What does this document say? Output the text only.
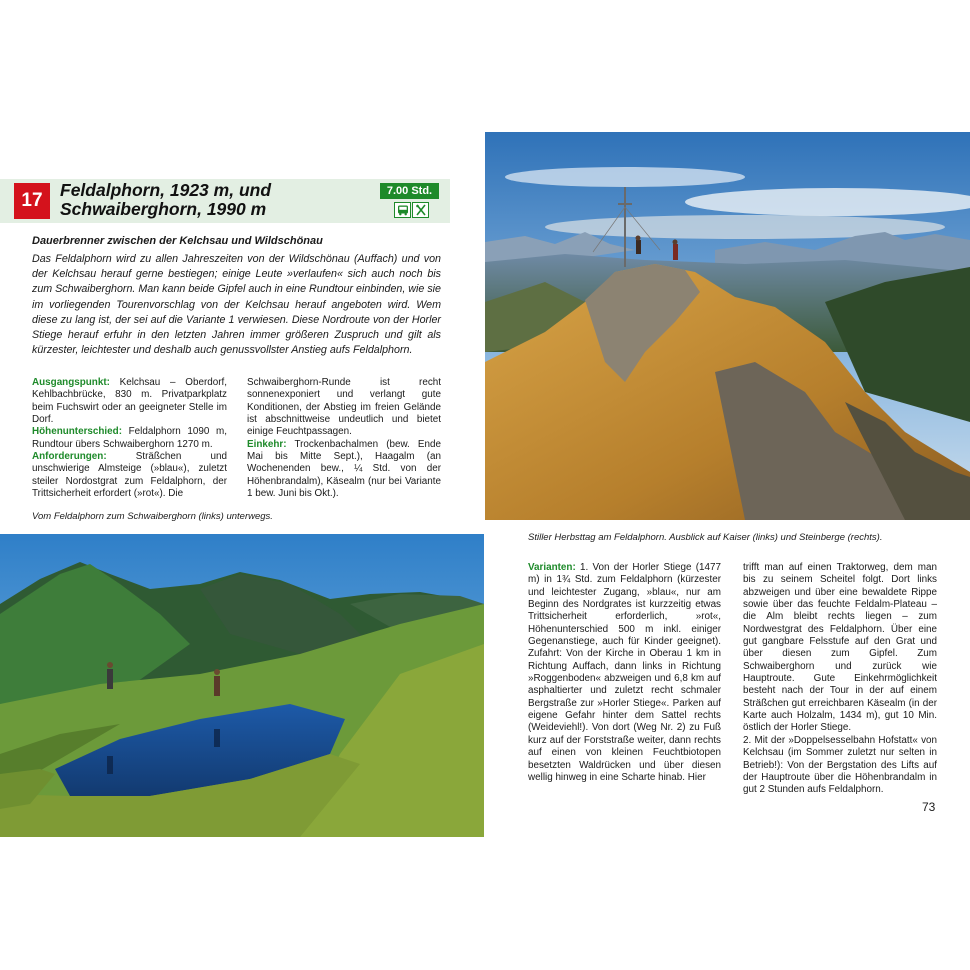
17 Feldalphorn, 1923 m, und
Schwaiberghorn, 1990 m
7.00 Std.
Dauerbrenner zwischen der Kelchsau und Wildschönau
Das Feldalphorn wird zu allen Jahreszeiten von der Wildschönau (Auffach) und von der Kelchsau herauf gerne bestiegen; einige Leute »verlaufen« sich auch noch bis zum Schwaiberghorn. Man kann beide Gipfel auch in eine Rundtour einbinden, wie sie im vorliegenden Tourenvorschlag von der Kelchsau herauf angeboten wird. Wem diese zu lang ist, der sei auf die Variante 1 verwiesen. Diese Nordroute von der Horler Stiege herauf erfuhr in den letzten Jahren immer größeren Zuspruch und gilt als kürzester, leichtester und deshalb auch genussvollster Anstieg aufs Feldalphorn.

Ausgangspunkt: Kelchsau – Oberdorf, Kehlbachbrücke, 830 m. Privatparkplatz beim Fuchswirt oder an geeigneter Stelle im Dorf.

Höhenunterschied: Feldalphorn 1090 m, Rundtour übers Schwaiberghorn 1270 m.

Anforderungen: Sträßchen und unschwierige Almsteige (»blau«), zuletzt steiler Nordostgrat zum Feldalphorn, der Trittsicherheit erfordert (»rot«). Die

Schwaiberghorn-Runde ist recht sonnenexponiert und verlangt gute Konditionen, der Abstieg im freien Gelände ist abschnittweise undeutlich und bietet einige Feuchtpassagen.

Einkehr: Trockenbachalmen (bew. Ende Mai bis Mitte Sept.), Haagalm (an Wochenenden bew., ¼ Std. von der Höhenbrandalm), Käsealm (nur bei Variante 1 bew. Juni bis Okt.).

Vom Feldalphorn zum Schwaiberghorn (links) unterwegs.
Stiller Herbsttag am Feldalphorn. Ausblick auf Kaiser (links) und Steinberge (rechts).

Varianten: 1. Von der Horler Stiege (1477 m) in 1¾ Std. zum Feldalphorn (kürzester und leichtester Zugang, »blau«, nur am Beginn des Nordgrates ist kurzzeitig etwas Trittsicherheit erforderlich, »rot«, Höhenunterschied 500 m inkl. einiger Gegenanstiege, auch für Kinder geeignet). Zufahrt: Von der Kirche in Oberau 1 km in Richtung Auffach, dann links in Richtung »Roggenboden« abzweigen und 6,8 km auf asphaltierter und zuletzt recht schmaler Bergstraße zur »Horler Stiege«. Parken auf eigene Gefahr hinter dem Sattel rechts (Weideviehl!). Von dort (Weg Nr. 2) zu Fuß kurz auf der Forststraße weiter, dann rechts auf einen von kleinen Feuchtbiotopen besetzten Waldrücken und über diesen wellig hinweg in eine Scharte hinab. Hier

trifft man auf einen Traktorweg, dem man bis zu seinem Scheitel folgt. Dort links abzweigen und über eine bewaldete Rippe sowie über das feuchte Feldalm-Plateau – die Alm bleibt rechts liegen – zum Nordwestgrat des Feldalphorn. Über eine gut gangbare Felsstufe auf den Grat und über diesen zum Gipfel. Zum Schwaiberghorn und zurück wie Hauptroute. Gute Einkehrmöglichkeit besteht nach der Tour in der auf einem Sträßchen gut erreichbaren Käsealm (in der Karte auch Holzalm, 1434 m), gut 10 Min. östlich der Horler Stiege.

2. Mit der »Doppelsesselbahn Hofstatt« von Kelchsau (im Sommer zuletzt nur selten in Betrieb!): Von der Bergstation des Lifts auf der Hauptroute über die Höhenbrandalm in gut 2 Stunden aufs Feldalphorn.

73
